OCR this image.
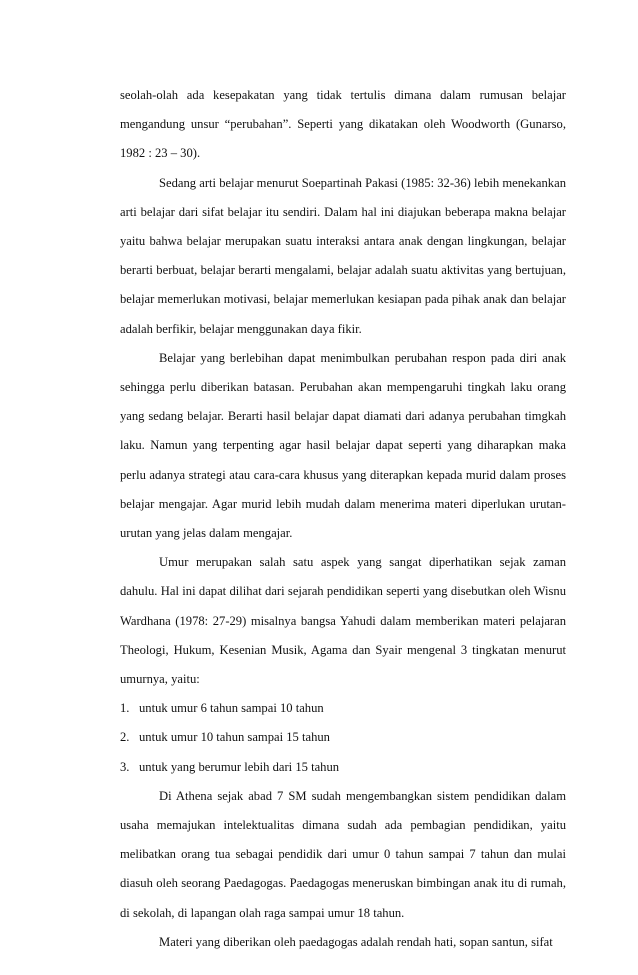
seolah-olah ada kesepakatan yang tidak tertulis dimana dalam rumusan belajar mengandung unsur “perubahan”. Seperti yang dikatakan oleh Woodworth (Gunarso, 1982 : 23 – 30).

Sedang arti belajar menurut Soepartinah Pakasi (1985: 32-36) lebih menekankan arti belajar dari sifat belajar itu sendiri. Dalam hal ini diajukan beberapa makna belajar yaitu bahwa belajar merupakan suatu interaksi antara anak dengan lingkungan, belajar berarti berbuat, belajar berarti mengalami, belajar adalah suatu aktivitas yang bertujuan, belajar memerlukan motivasi, belajar memerlukan kesiapan pada pihak anak dan belajar adalah berfikir, belajar menggunakan daya fikir.

Belajar yang berlebihan dapat menimbulkan perubahan respon pada diri anak sehingga perlu diberikan batasan. Perubahan akan mempengaruhi tingkah laku orang yang sedang belajar. Berarti hasil belajar dapat diamati dari adanya perubahan timgkah laku. Namun yang terpenting agar hasil belajar dapat seperti yang diharapkan maka perlu adanya strategi atau cara-cara khusus yang diterapkan kepada murid dalam proses belajar mengajar. Agar murid lebih mudah dalam menerima materi diperlukan urutan-urutan yang jelas dalam mengajar.

Umur merupakan salah satu aspek yang sangat diperhatikan sejak zaman dahulu. Hal ini dapat dilihat dari sejarah pendidikan seperti yang disebutkan oleh Wisnu Wardhana (1978: 27-29) misalnya bangsa Yahudi dalam memberikan materi pelajaran Theologi, Hukum, Kesenian Musik, Agama dan Syair mengenal 3 tingkatan menurut umurnya, yaitu:

1. untuk umur 6 tahun sampai 10 tahun
2. untuk umur 10 tahun sampai 15 tahun
3. untuk yang berumur lebih dari 15 tahun

Di Athena sejak abad 7 SM sudah mengembangkan sistem pendidikan dalam usaha memajukan intelektualitas dimana sudah ada pembagian pendidikan, yaitu melibatkan orang tua sebagai pendidik dari umur 0 tahun sampai 7 tahun dan mulai diasuh oleh seorang Paedagogas. Paedagogas meneruskan bimbingan anak itu di rumah, di sekolah, di lapangan olah raga sampai umur 18 tahun.

Materi yang diberikan oleh paedagogas adalah rendah hati, sopan santun, sifat
